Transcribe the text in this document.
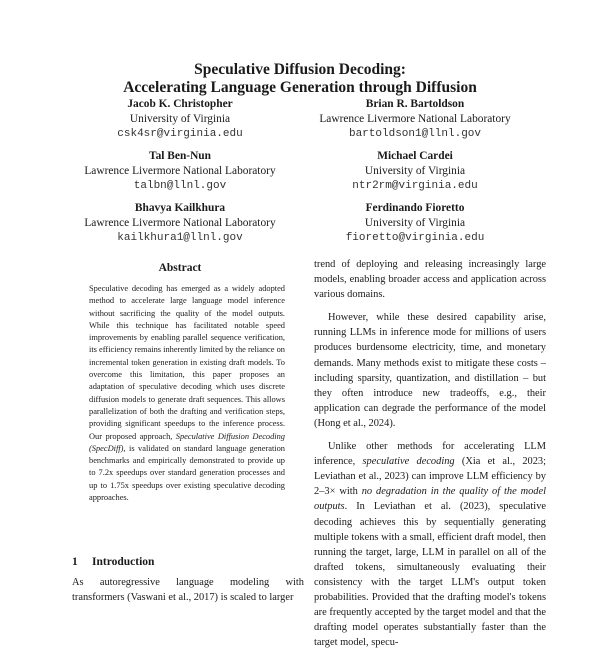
Speculative Diffusion Decoding:
Accelerating Language Generation through Diffusion
Jacob K. Christopher
University of Virginia
csk4sr@virginia.edu
Brian R. Bartoldson
Lawrence Livermore National Laboratory
bartoldson1@llnl.gov
Tal Ben-Nun
Lawrence Livermore National Laboratory
talbn@llnl.gov
Michael Cardei
University of Virginia
ntr2rm@virginia.edu
Bhavya Kailkhura
Lawrence Livermore National Laboratory
kailkhura1@llnl.gov
Ferdinando Fioretto
University of Virginia
fioretto@virginia.edu
Abstract
Speculative decoding has emerged as a widely adopted method to accelerate large language model inference without sacrificing the quality of the model outputs. While this technique has facilitated notable speed improvements by enabling parallel sequence verification, its efficiency remains inherently limited by the reliance on incremental token generation in existing draft models. To overcome this limitation, this paper proposes an adaptation of speculative decoding which uses discrete diffusion models to generate draft sequences. This allows parallelization of both the drafting and verification steps, providing significant speedups to the inference process. Our proposed approach, Speculative Diffusion Decoding (SpecDiff), is validated on standard language generation benchmarks and empirically demonstrated to provide up to 7.2x speedups over standard generation processes and up to 1.75x speedups over existing speculative decoding approaches.
1 Introduction
As autoregressive language modeling with transformers (Vaswani et al., 2017) is scaled to larger

trend of deploying and releasing increasingly large models, enabling broader access and application across various domains.

However, while these desired capability arise, running LLMs in inference mode for millions of users produces burdensome electricity, time, and monetary demands. Many methods exist to mitigate these costs – including sparsity, quantization, and distillation – but they often introduce new tradeoffs, e.g., their application can degrade the performance of the model (Hong et al., 2024).

Unlike other methods for accelerating LLM inference, speculative decoding (Xia et al., 2023; Leviathan et al., 2023) can improve LLM efficiency by 2–3× with no degradation in the quality of the model outputs. In Leviathan et al. (2023), speculative decoding achieves this by sequentially generating multiple tokens with a small, efficient draft model, then running the target, large, LLM in parallel on all of the drafted tokens, simultaneously evaluating their consistency with the target LLM's output token probabilities. Provided that the drafting model's tokens are frequently accepted by the target model and that the drafting model operates substantially faster than the target model, specu-
